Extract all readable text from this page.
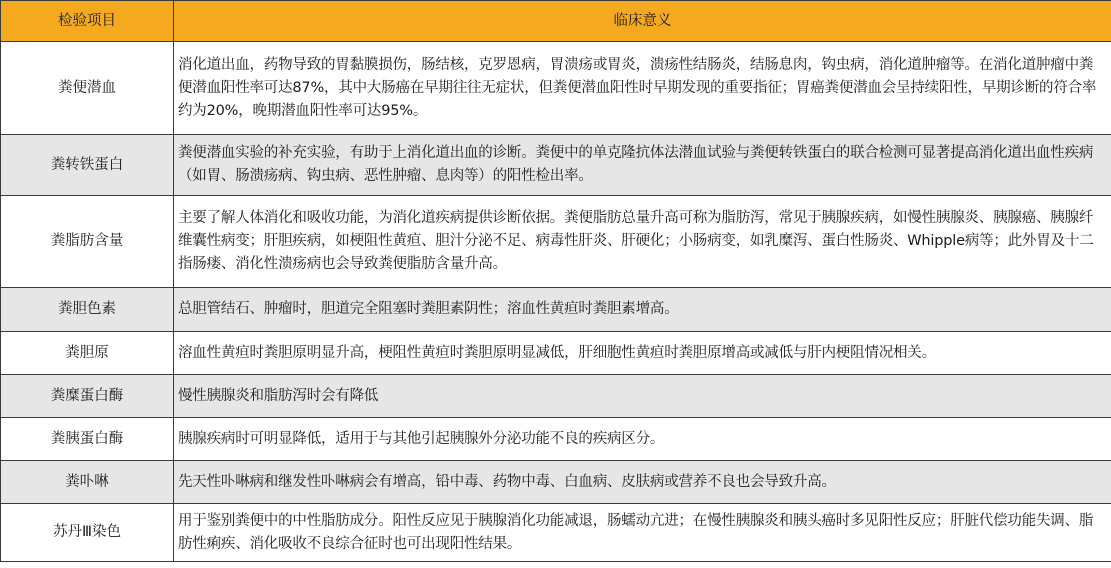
检验项目	临床意义
粪便潜血	消化道出血，药物导致的胃黏膜损伤，肠结核，克罗恩病，胃溃疡或胃炎，溃疡性结肠炎，结肠息肉，钩虫病，消化道肿瘤等。在消化道肿瘤中粪便潜血阳性率可达87%，其中大肠癌在早期往往无症状，但粪便潜血阳性时早期发现的重要指征；胃癌粪便潜血会呈持续阳性，早期诊断的符合率约为20%，晚期潜血阳性率可达95%。
粪转铁蛋白	粪便潜血实验的补充实验，有助于上消化道出血的诊断。粪便中的单克隆抗体法潜血试验与粪便转铁蛋白的联合检测可显著提高消化道出血性疾病（如胃、肠溃疡病、钩虫病、恶性肿瘤、息肉等）的阳性检出率。
粪脂肪含量	主要了解人体消化和吸收功能，为消化道疾病提供诊断依据。粪便脂肪总量升高可称为脂肪泻，常见于胰腺疾病，如慢性胰腺炎、胰腺癌、胰腺纤维囊性病变；肝胆疾病，如梗阻性黄疸、胆汁分泌不足、病毒性肝炎、肝硬化；小肠病变，如乳糜泻、蛋白性肠炎、Whipple病等；此外胃及十二指肠瘘、消化性溃疡病也会导致粪便脂肪含量升高。
粪胆色素	总胆管结石、肿瘤时，胆道完全阻塞时粪胆素阴性；溶血性黄疸时粪胆素增高。
粪胆原	溶血性黄疸时粪胆原明显升高，梗阻性黄疸时粪胆原明显减低，肝细胞性黄疸时粪胆原增高或减低与肝内梗阻情况相关。
粪糜蛋白酶	慢性胰腺炎和脂肪泻时会有降低
粪胰蛋白酶	胰腺疾病时可明显降低，适用于与其他引起胰腺外分泌功能不良的疾病区分。
粪卟啉	先天性卟啉病和继发性卟啉病会有增高，铅中毒、药物中毒、白血病、皮肤病或营养不良也会导致升高。
苏丹Ⅲ染色	用于鉴别粪便中的中性脂肪成分。阳性反应见于胰腺消化功能减退，肠蠕动亢进；在慢性胰腺炎和胰头癌时多见阳性反应；肝脏代偿功能失调、脂肪性痢疾、消化吸收不良综合征时也可出现阳性结果。
